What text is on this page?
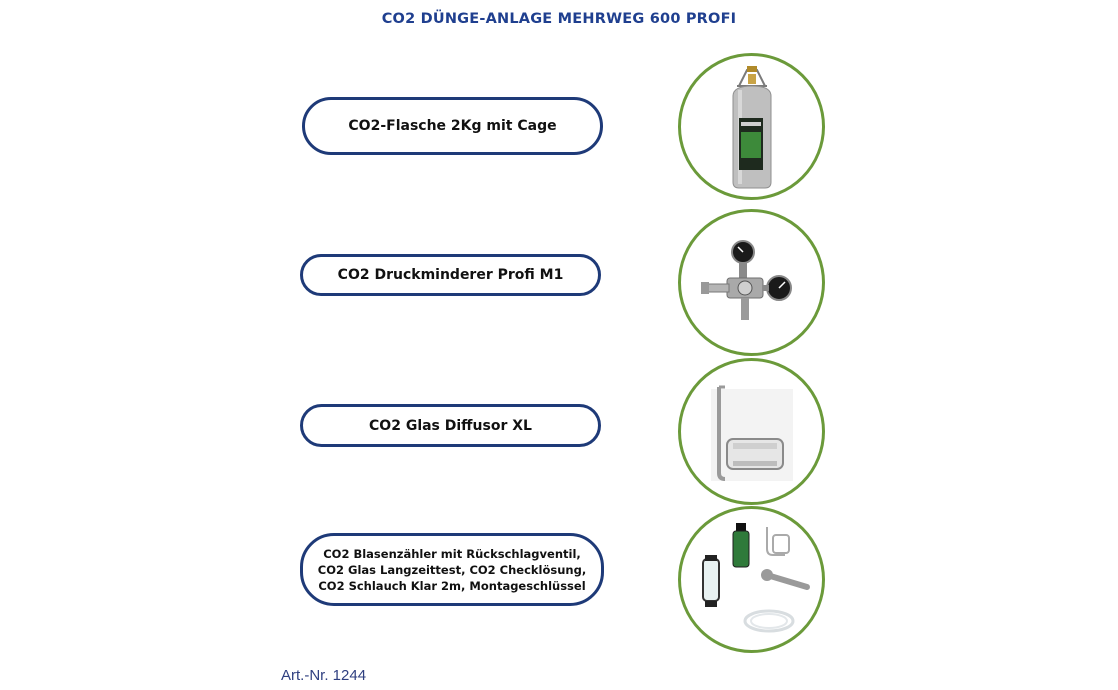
CO2 DÜNGE-ANLAGE MEHRWEG 600 PROFI
CO2-Flasche 2Kg mit Cage
CO2 Druckminderer Profi M1
CO2 Glas Diffusor XL
CO2 Blasenzähler mit Rückschlagventil,
CO2 Glas Langzeittest, CO2 Checklösung,
CO2 Schlauch Klar 2m, Montageschlüssel
Art.-Nr. 1244
